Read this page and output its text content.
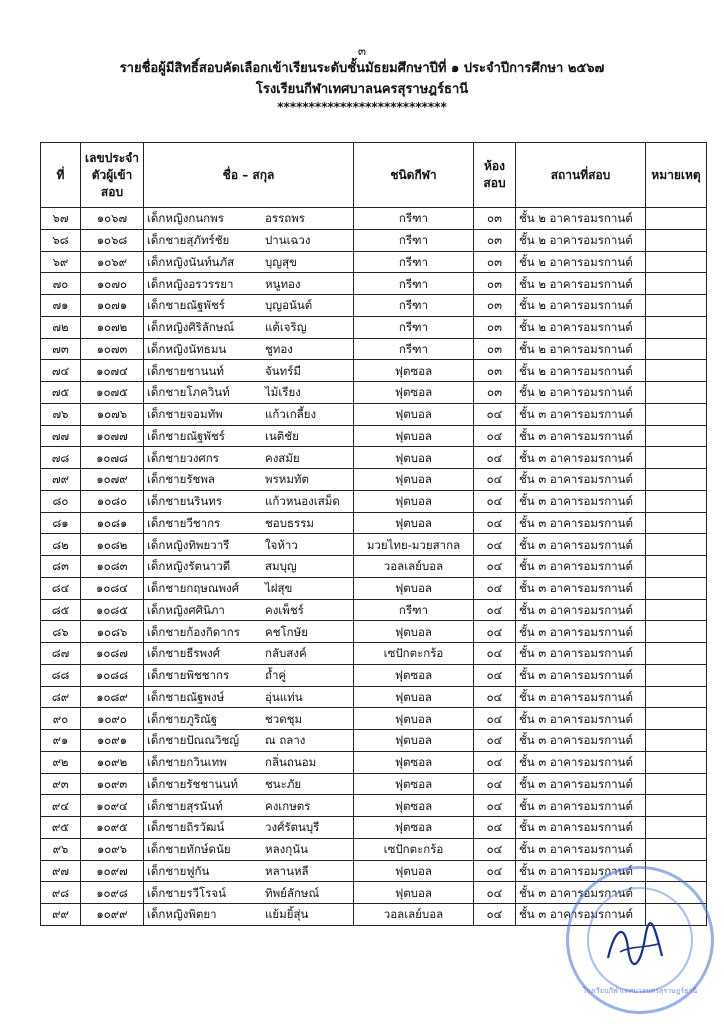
๓
รายชื่อผู้มีสิทธิ์สอบคัดเลือกเข้าเรียนระดับชั้นมัธยมศึกษาปีที่ ๑ ประจำปีการศึกษา ๒๕๖๗
โรงเรียนกีฬาเทศบาลนครสุราษฎร์ธานี
***************************
ที่	เลขประจำตัวผู้เข้าสอบ	ชื่อ – สกุล	ชนิดกีฬา	ห้องสอบ	สถานที่สอบ	หมายเหตุ
๖๗	๑๐๖๗	เด็กหญิงกนกพร อรรถพร	กรีฑา	๐๓	ชั้น ๒ อาคารอมรกานต์	
๖๘	๑๐๖๘	เด็กชายสุภัทร์ชัย ปานเฉวง	กรีฑา	๐๓	ชั้น ๒ อาคารอมรกานต์	
๖๙	๑๐๖๙	เด็กหญิงนันท์นภัส บุญสุข	กรีฑา	๐๓	ชั้น ๒ อาคารอมรกานต์	
๗๐	๑๐๗๐	เด็กหญิงอรวรรยา หนูทอง	กรีฑา	๐๓	ชั้น ๒ อาคารอมรกานต์	
๗๑	๑๐๗๑	เด็กชายณัฐพัชร์ บุญอนันต์	กรีฑา	๐๓	ชั้น ๒ อาคารอมรกานต์	
๗๒	๑๐๗๒	เด็กหญิงศิริลักษณ์ แต้เจริญ	กรีฑา	๐๓	ชั้น ๒ อาคารอมรกานต์	
๗๓	๑๐๗๓	เด็กหญิงนัทธมน ชูทอง	กรีฑา	๐๓	ชั้น ๒ อาคารอมรกานต์	
๗๔	๑๐๗๔	เด็กชายชานนท์ จันทร์มี	ฟุตซอล	๐๓	ชั้น ๒ อาคารอมรกานต์	
๗๕	๑๐๗๕	เด็กชายโภควินท์ ไม้เรียง	ฟุตซอล	๐๓	ชั้น ๒ อาคารอมรกานต์	
๗๖	๑๐๗๖	เด็กชายจอมทัพ แก้วเกลี้ยง	ฟุตบอล	๐๔	ชั้น ๓ อาคารอมรกานต์	
๗๗	๑๐๗๗	เด็กชายณัฐพัชร์ เนติชัย	ฟุตบอล	๐๔	ชั้น ๓ อาคารอมรกานต์	
๗๘	๑๐๗๘	เด็กชายวงศกร คงสมัย	ฟุตบอล	๐๔	ชั้น ๓ อาคารอมรกานต์	
๗๙	๑๐๗๙	เด็กชายรัชพล พรหมทัต	ฟุตบอล	๐๔	ชั้น ๓ อาคารอมรกานต์	
๘๐	๑๐๘๐	เด็กชายนรินทร แก้วหนองเสม็ด	ฟุตบอล	๐๔	ชั้น ๓ อาคารอมรกานต์	
๘๑	๑๐๘๑	เด็กชายวีชากร ชอบธรรม	ฟุตบอล	๐๔	ชั้น ๓ อาคารอมรกานต์	
๘๒	๑๐๘๒	เด็กหญิงทิพยวารี ใจห้าว	มวยไทย-มวยสากล	๐๔	ชั้น ๓ อาคารอมรกานต์	
๘๓	๑๐๘๓	เด็กหญิงรัตนาวดี สมบุญ	วอลเลย์บอล	๐๔	ชั้น ๓ อาคารอมรกานต์	
๘๔	๑๐๘๔	เด็กชายกฤษณพงศ์ ไฝสุข	ฟุตบอล	๐๔	ชั้น ๓ อาคารอมรกานต์	
๘๕	๑๐๘๕	เด็กหญิงศศินิภา คงเพ็ชร์	กรีฑา	๐๔	ชั้น ๓ อาคารอมรกานต์	
๘๖	๑๐๘๖	เด็กชายก้องกิดากร คชโกษัย	ฟุตบอล	๐๔	ชั้น ๓ อาคารอมรกานต์	
๘๗	๑๐๘๗	เด็กชายธีรพงศ์ กลับสงค์	เซปักตะกร้อ	๐๔	ชั้น ๓ อาคารอมรกานต์	
๘๘	๑๐๘๘	เด็กชายพิชชากร ถ้ำคู่	ฟุตซอล	๐๔	ชั้น ๓ อาคารอมรกานต์	
๘๙	๑๐๘๙	เด็กชายณัฐพงษ์ อุ่นแท่น	ฟุตบอล	๐๔	ชั้น ๓ อาคารอมรกานต์	
๙๐	๑๐๙๐	เด็กชายภูริณัฐ ชวดชุม	ฟุตบอล	๐๔	ชั้น ๓ อาคารอมรกานต์	
๙๑	๑๐๙๑	เด็กชายปัณณวิชญ์ ณ ถลาง	ฟุตบอล	๐๔	ชั้น ๓ อาคารอมรกานต์	
๙๒	๑๐๙๒	เด็กชายกวินเทพ กลิ่นถนอม	ฟุตซอล	๐๔	ชั้น ๓ อาคารอมรกานต์	
๙๓	๑๐๙๓	เด็กชายรัชชานนท์ ชนะภัย	ฟุตซอล	๐๔	ชั้น ๓ อาคารอมรกานต์	
๙๔	๑๐๙๔	เด็กชายสุรนันท์ คงเกษตร	ฟุตซอล	๐๔	ชั้น ๓ อาคารอมรกานต์	
๙๕	๑๐๙๕	เด็กชายถิรวัฒน์ วงศ์รัตนบุรี	ฟุตซอล	๐๔	ชั้น ๓ อาคารอมรกานต์	
๙๖	๑๐๙๖	เด็กชายทักษ์ดนัย หลงกุนัน	เซปักตะกร้อ	๐๔	ชั้น ๓ อาคารอมรกานต์	
๙๗	๑๐๙๗	เด็กชายฟูกัน หลานหลี	ฟุตบอล	๐๔	ชั้น ๓ อาคารอมรกานต์	
๙๘	๑๐๙๘	เด็กชายรวีโรจน์ ทิพย์ลักษณ์	ฟุตบอล	๐๔	ชั้น ๓ อาคารอมรกานต์	
๙๙	๑๐๙๙	เด็กหญิงพิตยา แย้มยิ้สุ่น	วอลเลย์บอล	๐๔	ชั้น ๓ อาคารอมรกานต์	
โรงเรียนกีฬาเทศบาลนครสุราษฎร์ธานี
